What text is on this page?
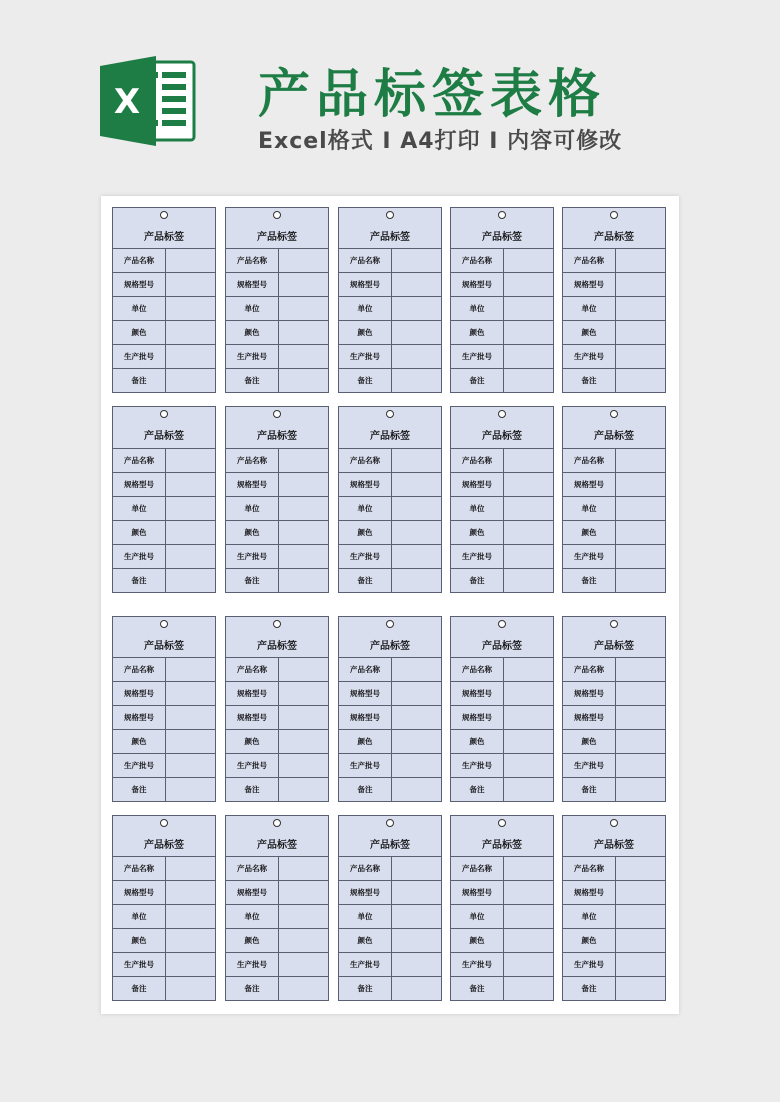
X 产品标签表格
Excel格式 I A4打印 I 内容可修改
产品标签
产品名称	
规格型号	
单位	
颜色	
生产批号	
备注	
产品标签
产品名称	
规格型号	
单位	
颜色	
生产批号	
备注	
产品标签
产品名称	
规格型号	
单位	
颜色	
生产批号	
备注	
产品标签
产品名称	
规格型号	
单位	
颜色	
生产批号	
备注	
产品标签
产品名称	
规格型号	
单位	
颜色	
生产批号	
备注	
产品标签
产品名称	
规格型号	
单位	
颜色	
生产批号	
备注	
产品标签
产品名称	
规格型号	
单位	
颜色	
生产批号	
备注	
产品标签
产品名称	
规格型号	
单位	
颜色	
生产批号	
备注	
产品标签
产品名称	
规格型号	
单位	
颜色	
生产批号	
备注	
产品标签
产品名称	
规格型号	
单位	
颜色	
生产批号	
备注	
产品标签
产品名称	
规格型号	
规格型号	
颜色	
生产批号	
备注	
产品标签
产品名称	
规格型号	
规格型号	
颜色	
生产批号	
备注	
产品标签
产品名称	
规格型号	
规格型号	
颜色	
生产批号	
备注	
产品标签
产品名称	
规格型号	
规格型号	
颜色	
生产批号	
备注	
产品标签
产品名称	
规格型号	
规格型号	
颜色	
生产批号	
备注	
产品标签
产品名称	
规格型号	
单位	
颜色	
生产批号	
备注	
产品标签
产品名称	
规格型号	
单位	
颜色	
生产批号	
备注	
产品标签
产品名称	
规格型号	
单位	
颜色	
生产批号	
备注	
产品标签
产品名称	
规格型号	
单位	
颜色	
生产批号	
备注	
产品标签
产品名称	
规格型号	
单位	
颜色	
生产批号	
备注	
